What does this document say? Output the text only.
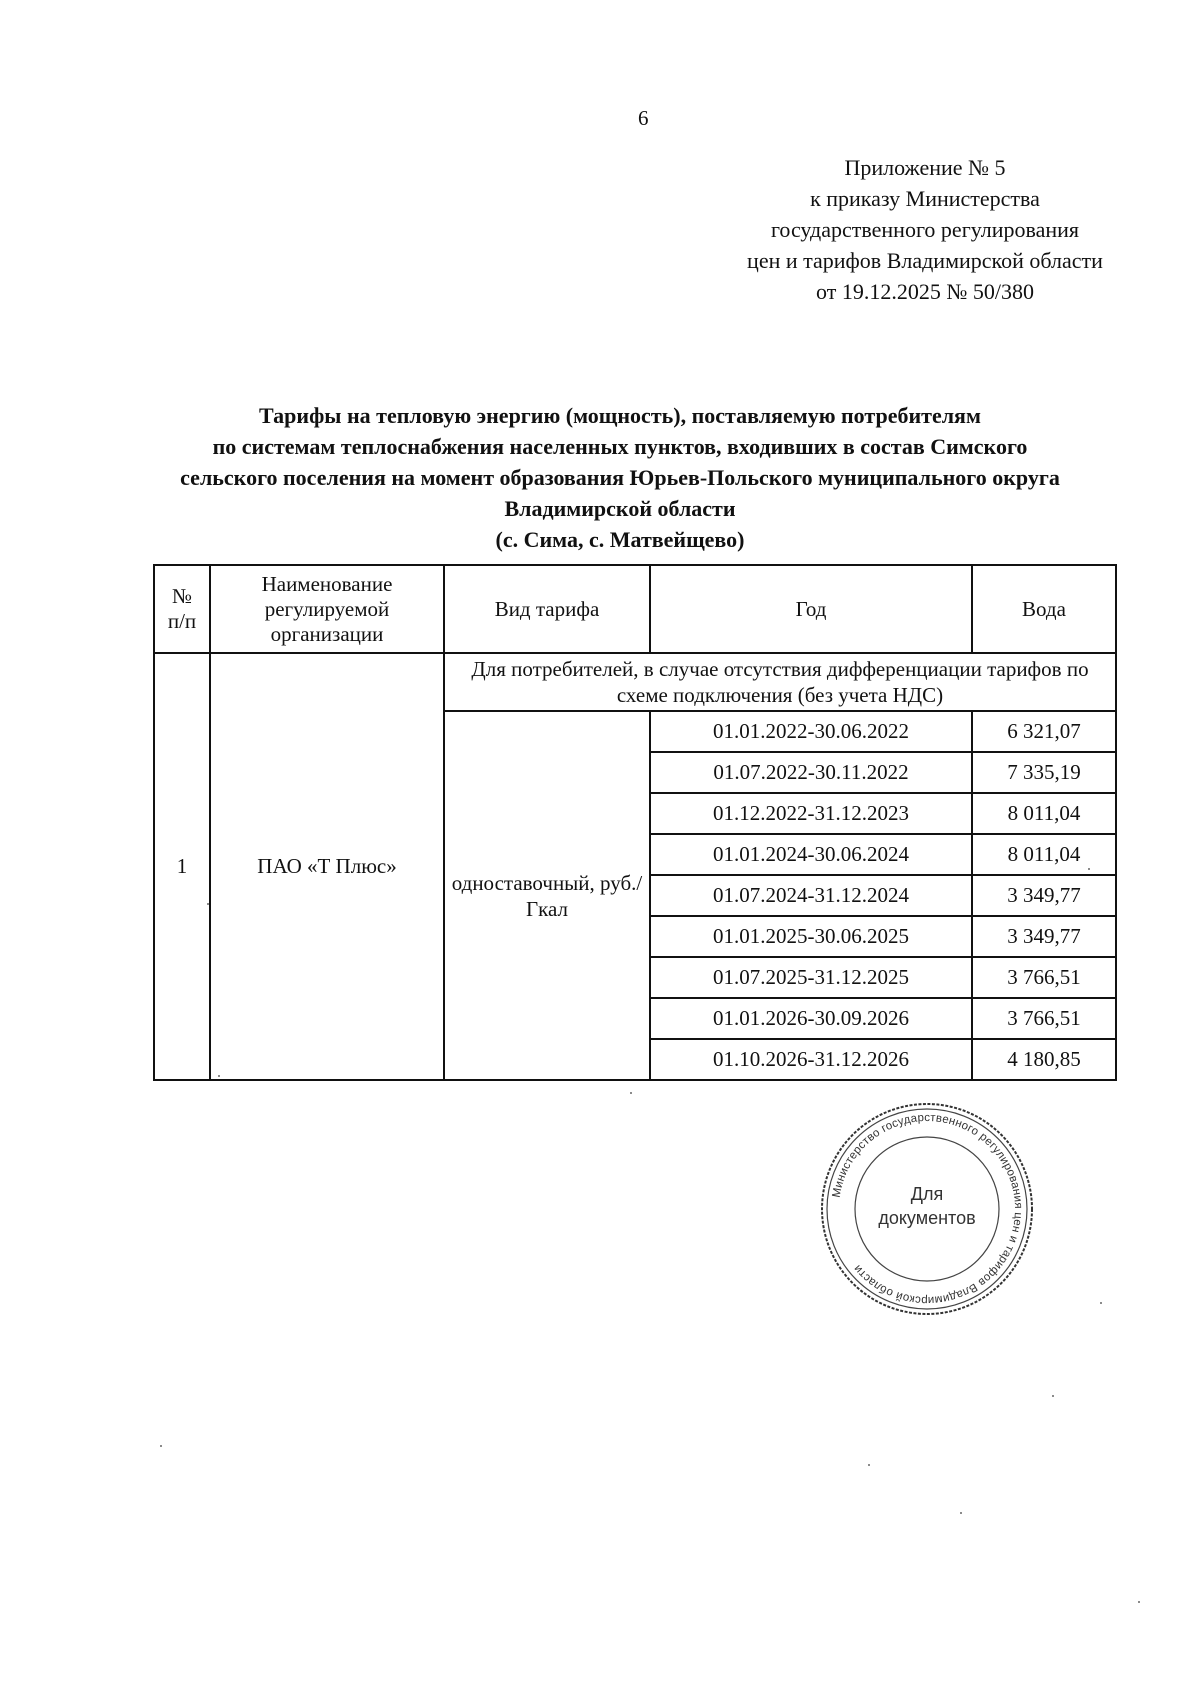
6
Приложение № 5
к приказу Министерства
государственного регулирования
цен и тарифов Владимирской области
от 19.12.2025 № 50/380
Тарифы на тепловую энергию (мощность), поставляемую потребителям
по системам теплоснабжения населенных пунктов, входивших в состав Симского
сельского поселения на момент образования Юрьев-Польского муниципального округа
Владимирской области
(с. Сима, с. Матвейщево)
№ п/п	Наименование регулируемой организации	Вид тарифа	Год	Вода
1	ПАО «Т Плюс»	Для потребителей, в случае отсутствия дифференциации тарифов по схеме подключения (без учета НДС)		
		одноставочный, руб./Гкал	01.01.2022-30.06.2022	6 321,07
			01.07.2022-30.11.2022	7 335,19
			01.12.2022-31.12.2023	8 011,04
			01.01.2024-30.06.2024	8 011,04
			01.07.2024-31.12.2024	3 349,77
			01.01.2025-30.06.2025	3 349,77
			01.07.2025-31.12.2025	3 766,51
			01.01.2026-30.09.2026	3 766,51
			01.10.2026-31.12.2026	4 180,85
Министерство государственного регулирования цен и тарифов Владимирской области
Для
документов
